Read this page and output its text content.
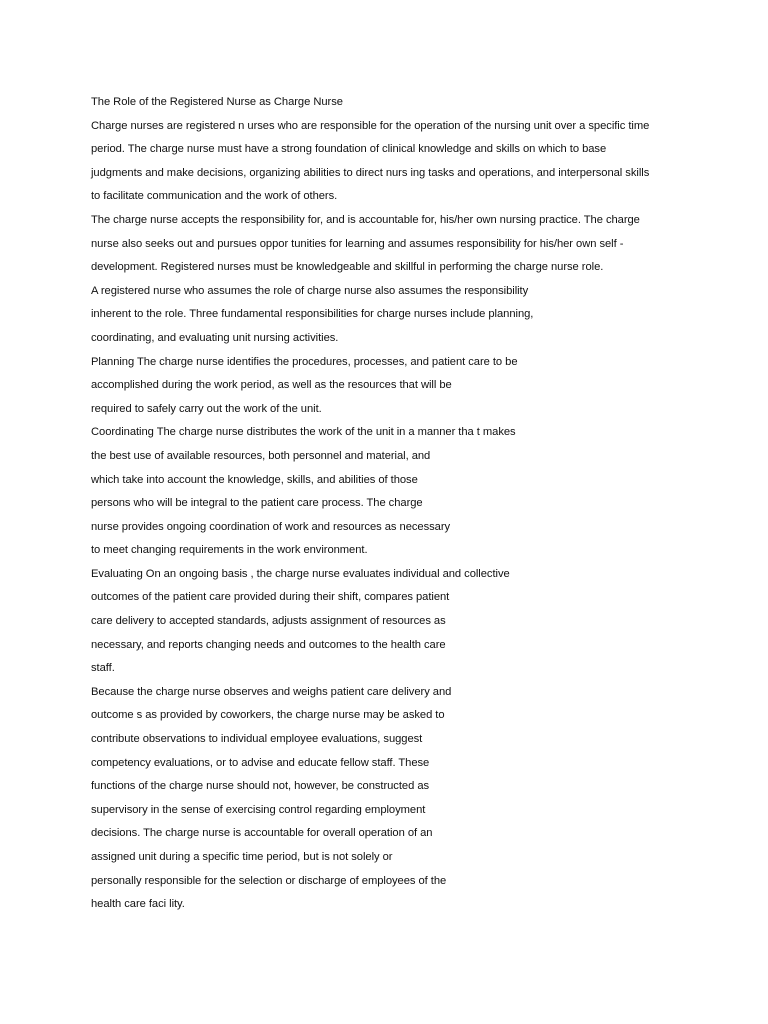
The Role of the Registered Nurse as Charge Nurse
Charge nurses are registered n urses who are responsible for the operation of the nursing unit over a specific time
period. The charge nurse must have a strong foundation of clinical knowledge and skills on which to base
judgments and make decisions, organizing abilities to direct nurs ing tasks and operations, and interpersonal skills
to facilitate communication and the work of others.
The charge nurse accepts the responsibility for, and is accountable for, his/her own nursing practice. The charge
nurse also seeks out and pursues oppor tunities for learning and assumes responsibility for his/her own self -
development. Registered nurses must be knowledgeable and skillful in performing the charge nurse role.
A registered nurse who assumes the role of charge nurse also assumes the responsibility
inherent to the role. Three fundamental responsibilities for charge nurses include planning,
coordinating, and evaluating unit nursing activities.
Planning The charge nurse identifies the procedures, processes, and patient care to be
accomplished during the work period, as well as the resources that will be
required to safely carry out the work of the unit.
Coordinating The charge nurse distributes the work of the unit in a manner tha t makes
the best use of available resources, both personnel and material, and
which take into account the knowledge, skills, and abilities of those
persons who will be integral to the patient care process. The charge
nurse provides ongoing coordination of work and resources as necessary
to meet changing requirements in the work environment.
Evaluating On an ongoing basis , the charge nurse evaluates individual and collective
outcomes of the patient care provided during their shift, compares patient
care delivery to accepted standards, adjusts assignment of resources as
necessary, and reports changing needs and outcomes to the health care
staff.
Because the charge nurse observes and weighs patient care delivery and
outcome s as provided by coworkers, the charge nurse may be asked to
contribute observations to individual employee evaluations, suggest
competency evaluations, or to advise and educate fellow staff. These
functions of the charge nurse should not, however, be constructed as
supervisory in the sense of exercising control regarding employment
decisions. The charge nurse is accountable for overall operation of an
assigned unit during a specific time period, but is not solely or
personally responsible for the selection or discharge of employees of the
health care faci lity.
